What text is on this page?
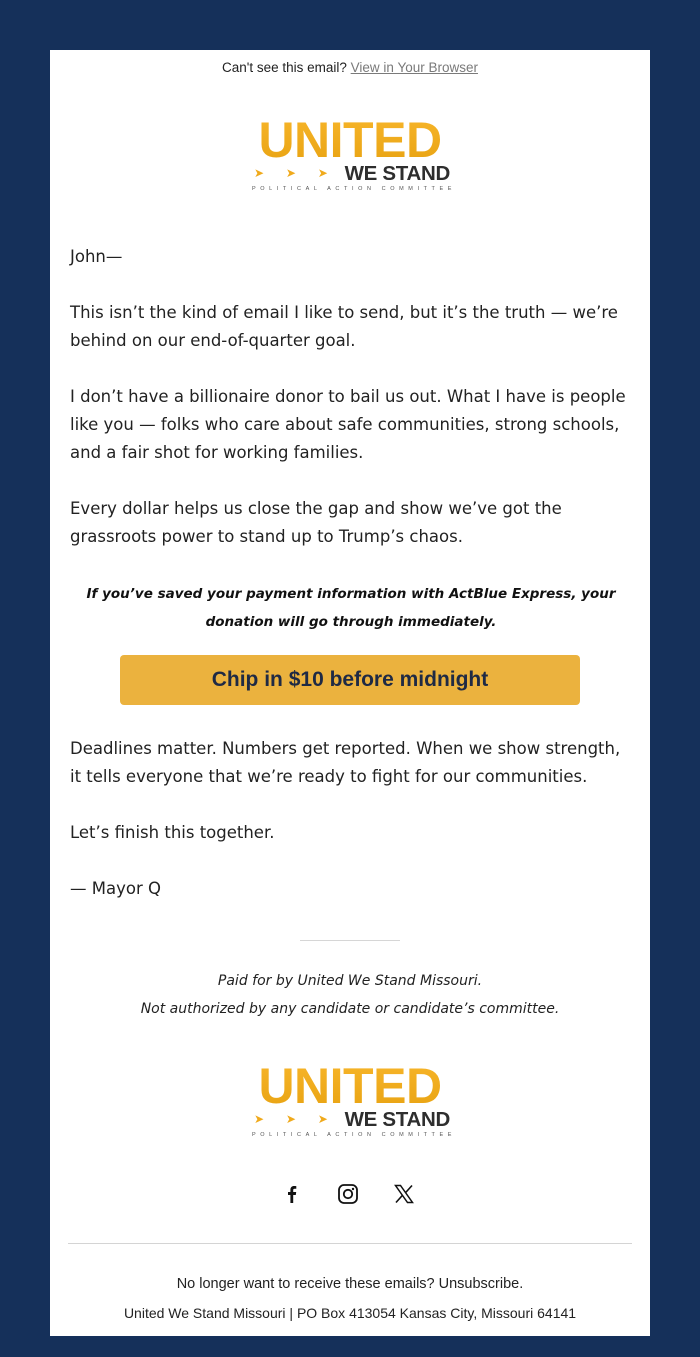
Can't see this email? View in Your Browser
UNITED
➤ ➤ ➤ WE STAND
POLITICAL ACTION COMMITTEE
John—
This isn’t the kind of email I like to send, but it’s the truth — we’re behind on our end-of-quarter goal.
I don’t have a billionaire donor to bail us out. What I have is people like you — folks who care about safe communities, strong schools, and a fair shot for working families.
Every dollar helps us close the gap and show we’ve got the grassroots power to stand up to Trump’s chaos.
If you’ve saved your payment information with ActBlue Express, your donation will go through immediately.
Chip in $10 before midnight
Deadlines matter. Numbers get reported. When we show strength, it tells everyone that we’re ready to fight for our communities.
Let’s finish this together.
— Mayor Q
Paid for by United We Stand Missouri.
Not authorized by any candidate or candidate’s committee.
UNITED
➤ ➤ ➤ WE STAND
POLITICAL ACTION COMMITTEE
No longer want to receive these emails? Unsubscribe.
United We Stand Missouri | PO Box 413054 Kansas City, Missouri 64141
